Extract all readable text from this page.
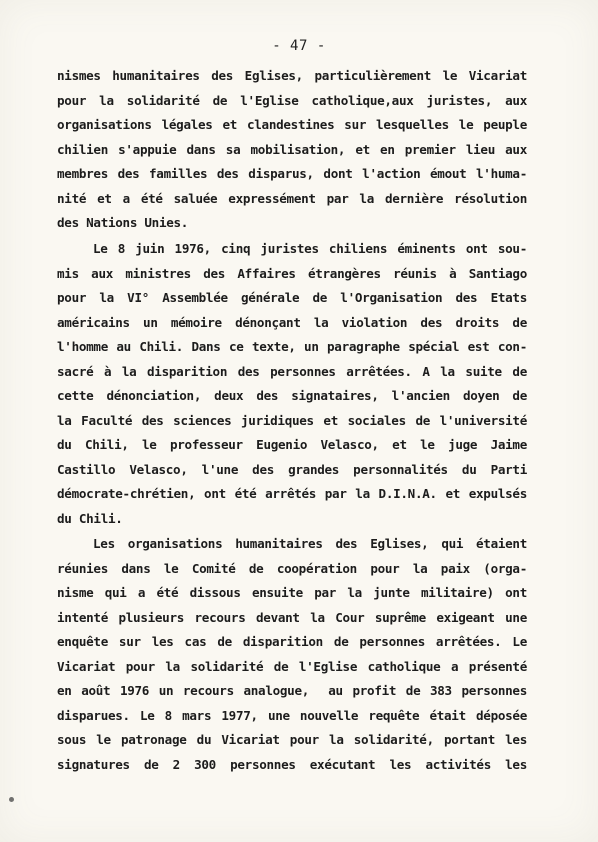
- 47 -
nismes humanitaires des Eglises, particulièrement le Vicariat
pour la solidarité de l'Eglise catholique,aux juristes, aux
organisations légales et clandestines sur lesquelles le peuple
chilien s'appuie dans sa mobilisation, et en premier lieu aux
membres des familles des disparus, dont l'action émout l'huma-
nité et a été saluée expressément par la dernière résolution
des Nations Unies.
Le 8 juin 1976, cinq juristes chiliens éminents ont sou-
mis aux ministres des Affaires étrangères réunis à Santiago
pour la VI° Assemblée générale de l'Organisation des Etats
américains un mémoire dénonçant la violation des droits de
l'homme au Chili. Dans ce texte, un paragraphe spécial est con-
sacré à la disparition des personnes arrêtées. A la suite de
cette dénonciation, deux des signataires, l'ancien doyen de
la Faculté des sciences juridiques et sociales de l'université
du Chili, le professeur Eugenio Velasco, et le juge Jaime
Castillo Velasco, l'une des grandes personnalités du Parti
démocrate-chrétien, ont été arrêtés par la D.I.N.A. et expulsés
du Chili.
Les organisations humanitaires des Eglises, qui étaient
réunies dans le Comité de coopération pour la paix (orga-
nisme qui a été dissous ensuite par la junte militaire) ont
intenté plusieurs recours devant la Cour suprême exigeant une
enquête sur les cas de disparition de personnes arrêtées. Le
Vicariat pour la solidarité de l'Eglise catholique a présenté
en août 1976 un recours analogue,  au profit de 383 personnes
disparues. Le 8 mars 1977, une nouvelle requête était déposée
sous le patronage du Vicariat pour la solidarité, portant les
signatures de 2 300 personnes exécutant les activités les
